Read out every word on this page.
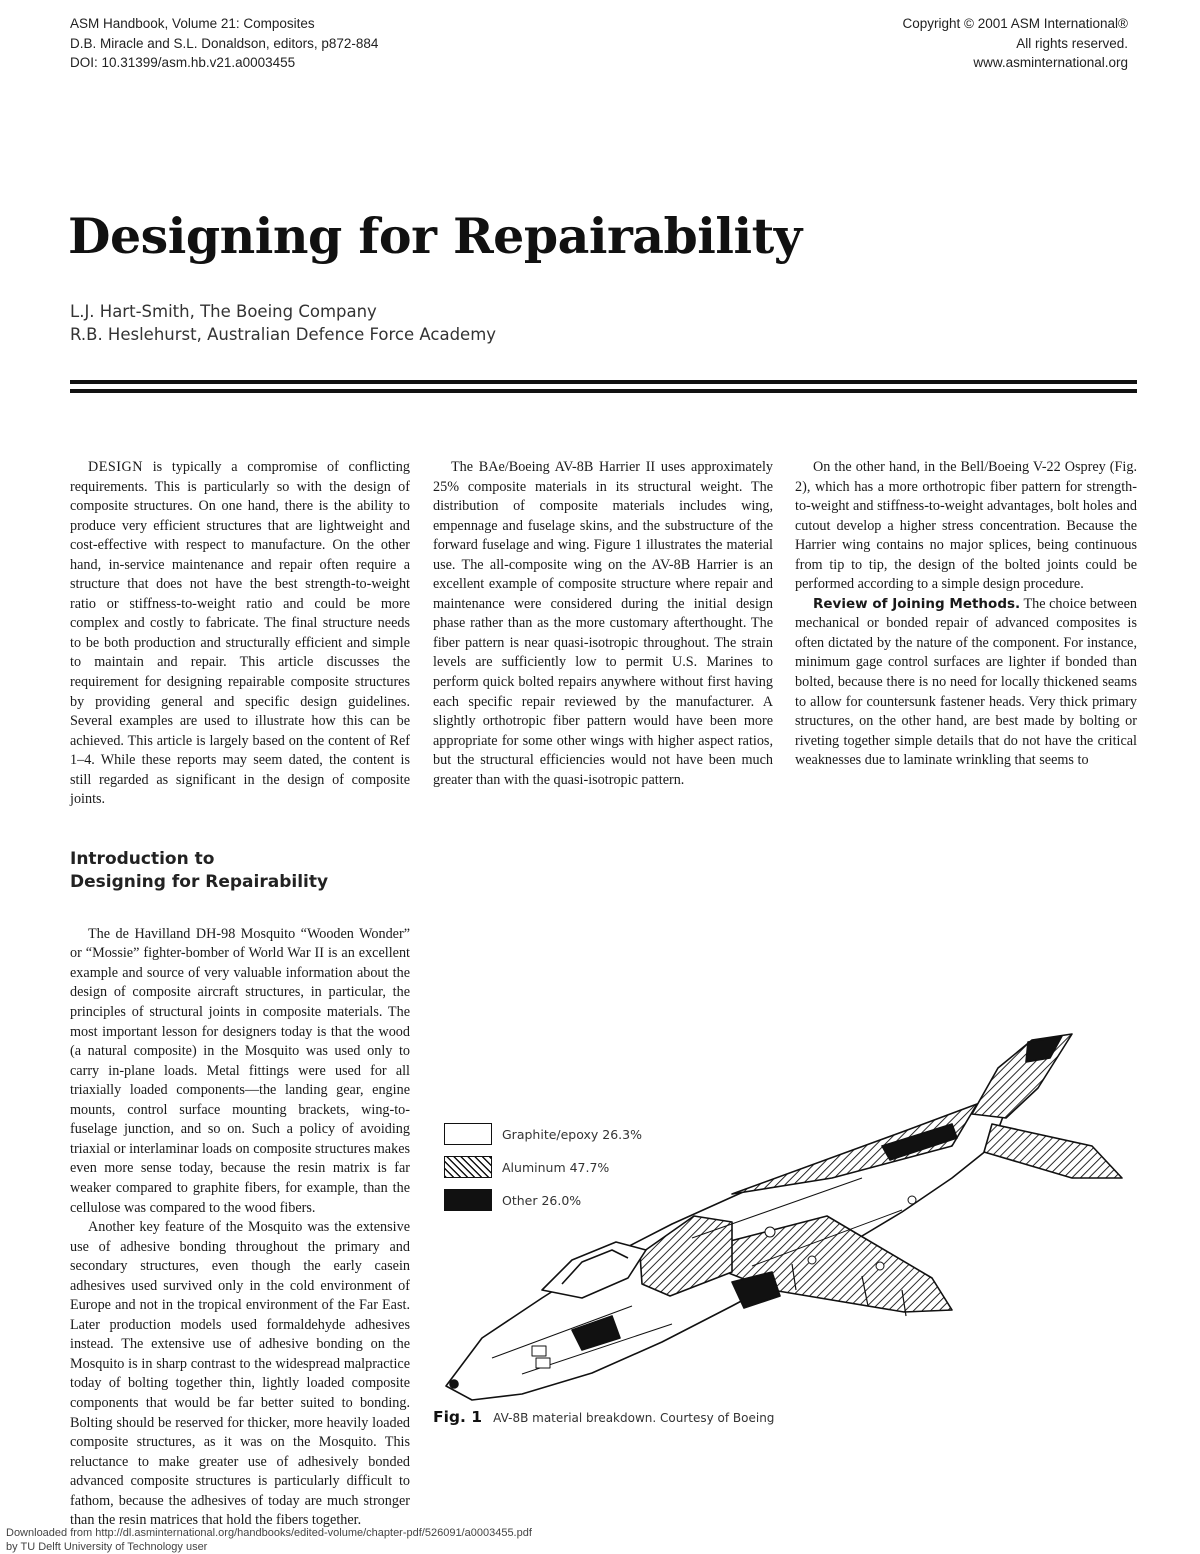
ASM Handbook, Volume 21: Composites
D.B. Miracle and S.L. Donaldson, editors, p872-884
DOI: 10.31399/asm.hb.v21.a0003455
Copyright © 2001 ASM International®
All rights reserved.
www.asminternational.org
Designing for Repairability
L.J. Hart-Smith, The Boeing Company
R.B. Heslehurst, Australian Defence Force Academy

DESIGN is typically a compromise of conflicting requirements. This is particularly so with the design of composite structures. On one hand, there is the ability to produce very efficient structures that are lightweight and cost-effective with respect to manufacture. On the other hand, in-service maintenance and repair often require a structure that does not have the best strength-to-weight ratio or stiffness-to-weight ratio and could be more complex and costly to fabricate. The final structure needs to be both production and structurally efficient and simple to maintain and repair. This article discusses the requirement for designing repairable composite structures by providing general and specific design guidelines. Several examples are used to illustrate how this can be achieved. This article is largely based on the content of Ref 1–4. While these reports may seem dated, the content is still regarded as significant in the design of composite joints.

Introduction to
Designing for Repairability

The de Havilland DH-98 Mosquito “Wooden Wonder” or “Mossie” fighter-bomber of World War II is an excellent example and source of very valuable information about the design of composite aircraft structures, in particular, the principles of structural joints in composite materials. The most important lesson for designers today is that the wood (a natural composite) in the Mosquito was used only to carry in-plane loads. Metal fittings were used for all triaxially loaded components—the landing gear, engine mounts, control surface mounting brackets, wing-to-fuselage junction, and so on. Such a policy of avoiding triaxial or interlaminar loads on composite structures makes even more sense today, because the resin matrix is far weaker compared to graphite fibers, for example, than the cellulose was compared to the wood fibers.

Another key feature of the Mosquito was the extensive use of adhesive bonding throughout the primary and secondary structures, even though the early casein adhesives used survived only in the cold environment of Europe and not in the tropical environment of the Far East. Later production models used formaldehyde adhesives instead. The extensive use of adhesive bonding on the Mosquito is in sharp contrast to the widespread malpractice today of bolting together thin, lightly loaded composite components that would be far better suited to bonding. Bolting should be reserved for thicker, more heavily loaded composite structures, as it was on the Mosquito. This reluctance to make greater use of adhesively bonded advanced composite structures is particularly difficult to fathom, because the adhesives of today are much stronger than the resin matrices that hold the fibers together.

The BAe/Boeing AV-8B Harrier II uses approximately 25% composite materials in its structural weight. The distribution of composite materials includes wing, empennage and fuselage skins, and the substructure of the forward fuselage and wing. Figure 1 illustrates the material use. The all-composite wing on the AV-8B Harrier is an excellent example of composite structure where repair and maintenance were considered during the initial design phase rather than as the more customary afterthought. The fiber pattern is near quasi-isotropic throughout. The strain levels are sufficiently low to permit U.S. Marines to perform quick bolted repairs anywhere without first having each specific repair reviewed by the manufacturer. A slightly orthotropic fiber pattern would have been more appropriate for some other wings with higher aspect ratios, but the structural efficiencies would not have been much greater than with the quasi-isotropic pattern.

On the other hand, in the Bell/Boeing V-22 Osprey (Fig. 2), which has a more orthotropic fiber pattern for strength-to-weight and stiffness-to-weight advantages, bolt holes and cutout develop a higher stress concentration. Because the Harrier wing contains no major splices, being continuous from tip to tip, the design of the bolted joints could be performed according to a simple design procedure.

Review of Joining Methods. The choice between mechanical or bonded repair of advanced composites is often dictated by the nature of the component. For instance, minimum gage control surfaces are lighter if bonded than bolted, because there is no need for locally thickened seams to allow for countersunk fastener heads. Very thick primary structures, on the other hand, are best made by bolting or riveting together simple details that do not have the critical weaknesses due to laminate wrinkling that seems to

Graphite/epoxy 26.3%
Aluminum 47.7%
Other 26.0%
Fig. 1 AV-8B material breakdown. Courtesy of Boeing
Downloaded from http://dl.asminternational.org/handbooks/edited-volume/chapter-pdf/526091/a0003455.pdf
by TU Delft University of Technology user
